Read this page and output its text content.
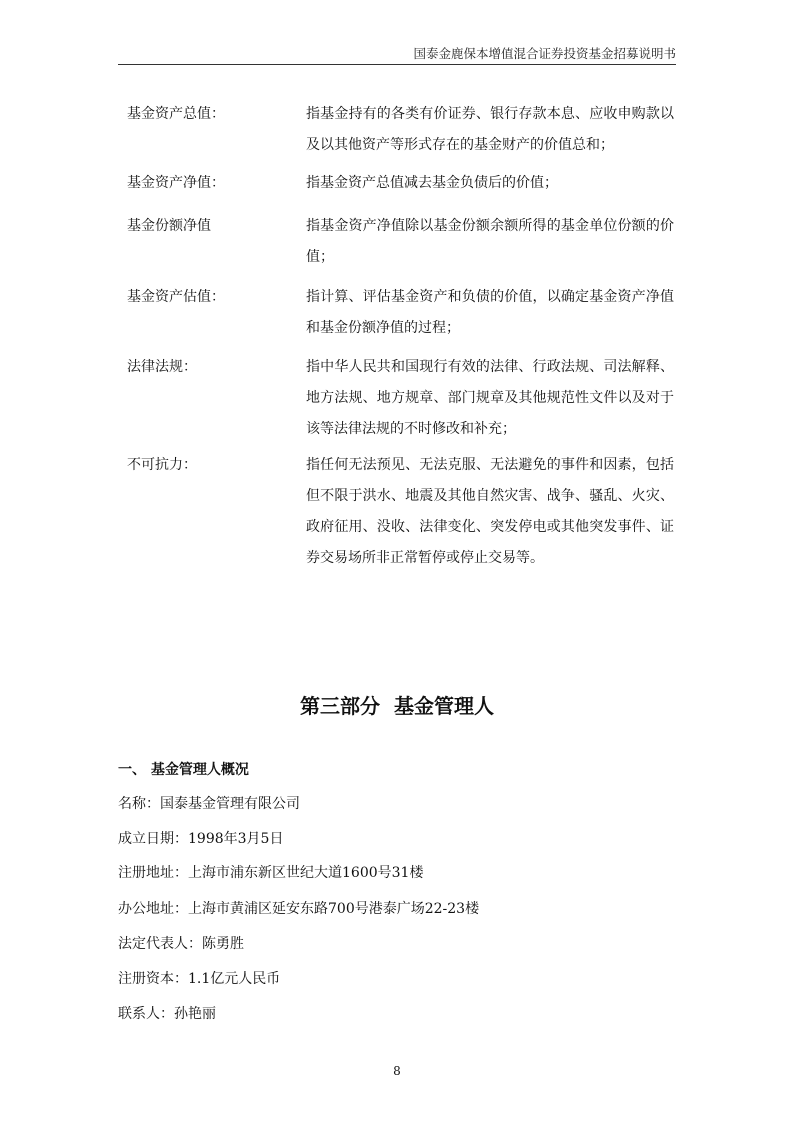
国泰金鹿保本增值混合证券投资基金招募说明书
基金资产总值：	指基金持有的各类有价证券、银行存款本息、应收申购款以
及以其他资产等形式存在的基金财产的价值总和；
基金资产净值：	指基金资产总值减去基金负债后的价值；
基金份额净值	指基金资产净值除以基金份额余额所得的基金单位份额的价
值；
基金资产估值：	指计算、评估基金资产和负债的价值，以确定基金资产净值
和基金份额净值的过程；
法律法规：	指中华人民共和国现行有效的法律、行政法规、司法解释、
地方法规、地方规章、部门规章及其他规范性文件以及对于
该等法律法规的不时修改和补充；
不可抗力：	指任何无法预见、无法克服、无法避免的事件和因素，包括
但不限于洪水、地震及其他自然灾害、战争、骚乱、火灾、
政府征用、没收、法律变化、突发停电或其他突发事件、证
券交易场所非正常暂停或停止交易等。
第三部分  基金管理人
一、 基金管理人概况
名称：国泰基金管理有限公司
成立日期：1998年3月5日
注册地址：上海市浦东新区世纪大道1600号31楼
办公地址：上海市黄浦区延安东路700号港泰广场22-23楼
法定代表人：陈勇胜
注册资本：1.1亿元人民币
联系人：孙艳丽
8
